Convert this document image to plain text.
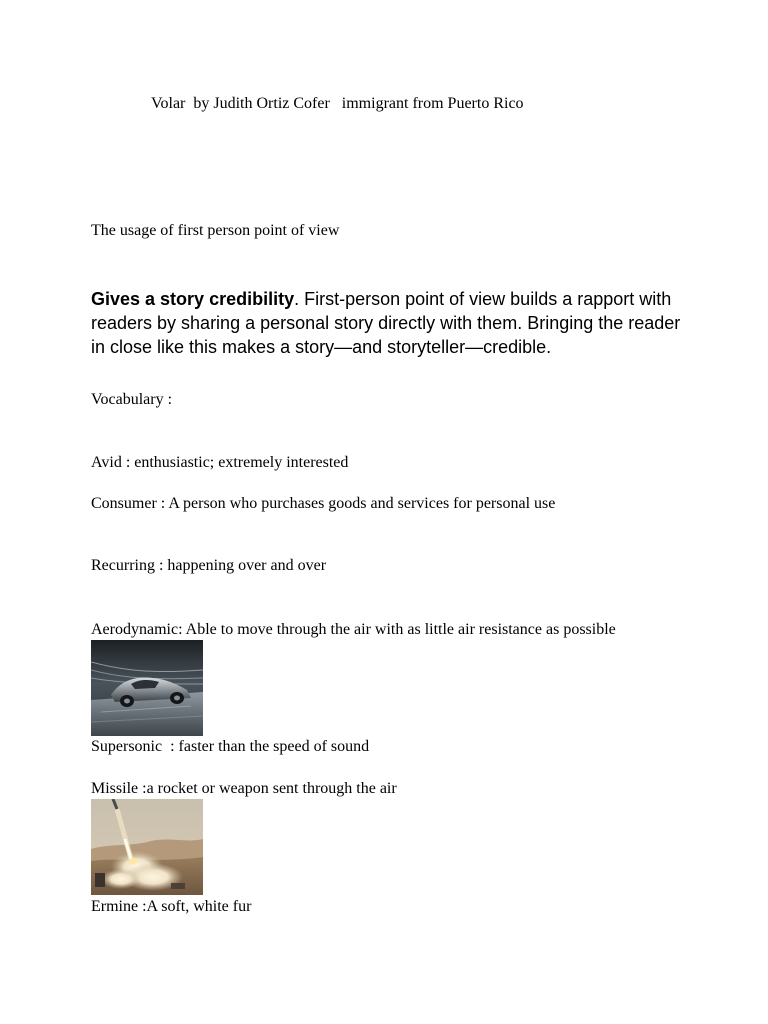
Volar  by Judith Ortiz Cofer   immigrant from Puerto Rico

The usage of first person point of view

Gives a story credibility. First-person point of view builds a rapport with readers by sharing a personal story directly with them. Bringing the reader in close like this makes a story—and storyteller—credible.

Vocabulary :

Avid : enthusiastic; extremely interested

Consumer : A person who purchases goods and services for personal use

Recurring : happening over and over

Aerodynamic: Able to move through the air with as little air resistance as possible

Supersonic  : faster than the speed of sound

Missile :a rocket or weapon sent through the air

Ermine :A soft, white fur
